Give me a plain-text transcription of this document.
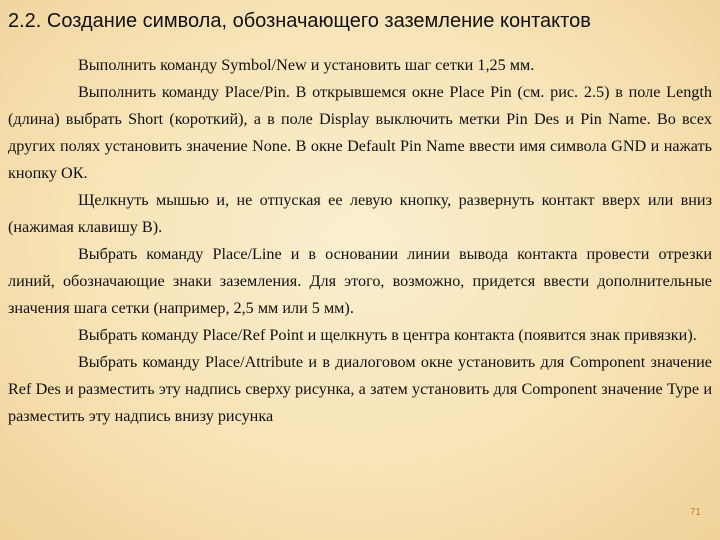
2.2. Создание символа, обозначающего заземление контактов

Выполнить команду Symbol/New и установить шаг сетки 1,25 мм.

Выполнить команду Place/Pin. В открывшемся окне Place Pin (см. рис. 2.5) в поле Length (длина) выбрать Short (короткий), а в поле Display выключить метки Pin Des и Pin Name. Во всех других полях установить значение None. В окне Default Pin Name ввести имя символа GND и нажать кнопку ОК.

Щелкнуть мышью и, не отпуская ее левую кнопку, развернуть контакт вверх или вниз (нажимая клавишу В).

Выбрать команду Place/Line и в основании линии вывода контакта провести отрезки линий, обозначающие знаки заземления. Для этого, возможно, придется ввести дополнительные значения шага сетки (например, 2,5 мм или 5 мм).

Выбрать команду Place/Ref Point и щелкнуть в центра контакта (появится знак привязки).

Выбрать команду Place/Attribute и в диалоговом окне установить для Component значение Ref Des и разместить эту надпись сверху рисунка, а затем установить для Component значение Type и разместить эту надпись внизу рисунка

71
